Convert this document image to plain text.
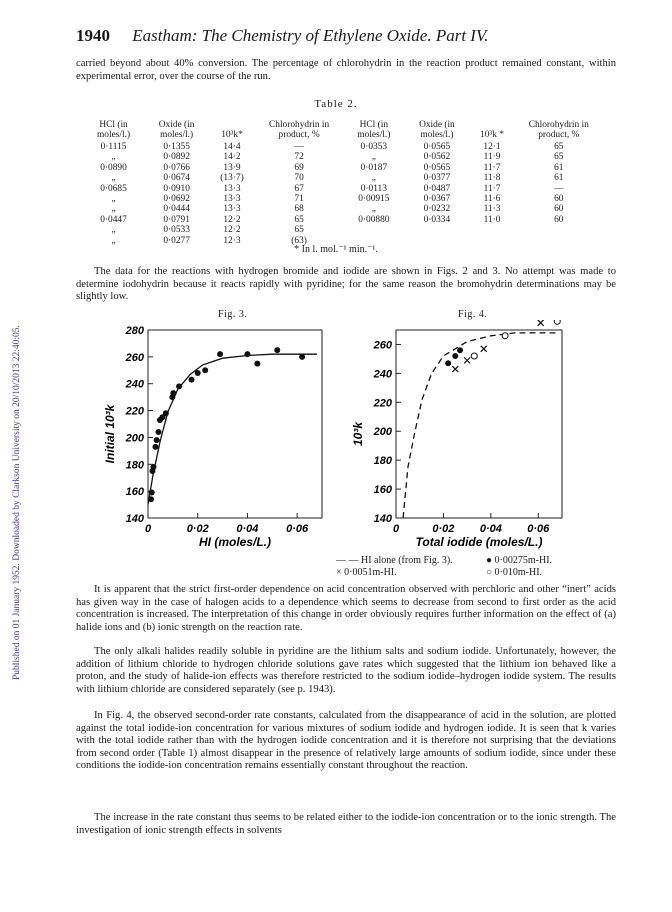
Published on 01 January 1952. Downloaded by Clarkson University on 20/10/2013 22:40:05.
1940 Eastham: The Chemistry of Ethylene Oxide. Part IV.

carried beyond about 40% conversion. The percentage of chlorohydrin in the reaction product remained constant, within experimental error, over the course of the run.

Table 2.
HCl (in moles/l.)	Oxide (in moles/l.)	10³k*	Chlorohydrin in product, %	HCl (in moles/l.)	Oxide (in moles/l.)	10³k *	Chlorohydrin in product, %
0·1115	0·1355	14·4	—	0·0353	0·0565	12·1	65
„	0·0892	14·2	72	„	0·0562	11·9	65
0·0890	0·0766	13·9	69	0·0187	0·0565	11·7	61
„	0·0674	(13·7)	70	„	0·0377	11·8	61
0·0685	0·0910	13·3	67	0·0113	0·0487	11·7	—
„	0·0692	13·3	71	0·00915	0·0367	11·6	60
„	0·0444	13·3	68	„	0·0232	11·3	60
0·0447	0·0791	12·2	65	0·00880	0·0334	11·0	60
„	0·0533	12·2	65				
„	0·0277	12·3	(63)				
* In l. mol.⁻¹ min.⁻¹.

The data for the reactions with hydrogen bromide and iodide are shown in Figs. 2 and 3. No attempt was made to determine iodohydrin because it reacts rapidly with pyridine; for the same reason the bromohydrin determinations may be slightly low.

Fig. 3.	Fig. 4.
140
160
180
200
220
240
260
280
0	0·02	0·04	0·06
HI (moles/L.)
Initial 10³k
140
160
180
200
220
240
260
0	0·02 0·04 0·06
Total iodide (moles/L.)
10³k
— — HI alone (from Fig. 3).	● 0·00275m-HI.
× 0·0051m-HI.	○ 0·010m-HI.

It is apparent that the strict first-order dependence on acid concentration observed with perchloric and other “inert” acids has given way in the case of halogen acids to a dependence which seems to decrease from second to first order as the acid concentration is increased. The interpretation of this change in order obviously requires further information on the effect of (a) halide ions and (b) ionic strength on the reaction rate.

The only alkali halides readily soluble in pyridine are the lithium salts and sodium iodide. Unfortunately, however, the addition of lithium chloride to hydrogen chloride solutions gave rates which suggested that the lithium ion behaved like a proton, and the study of halide-ion effects was therefore restricted to the sodium iodide–hydrogen iodide system. The results with lithium chloride are considered separately (see p. 1943).

In Fig. 4, the observed second-order rate constants, calculated from the disappearance of acid in the solution, are plotted against the total iodide-ion concentration for various mixtures of sodium iodide and hydrogen iodide. It is seen that k varies with the total iodide rather than with the hydrogen iodide concentration and it is therefore not surprising that the deviations from second order (Table 1) almost disappear in the presence of relatively large amounts of sodium iodide, since under these conditions the iodide-ion concentration remains essentially constant throughout the reaction.

The increase in the rate constant thus seems to be related either to the iodide-ion concentration or to the ionic strength. The investigation of ionic strength effects in solvents
